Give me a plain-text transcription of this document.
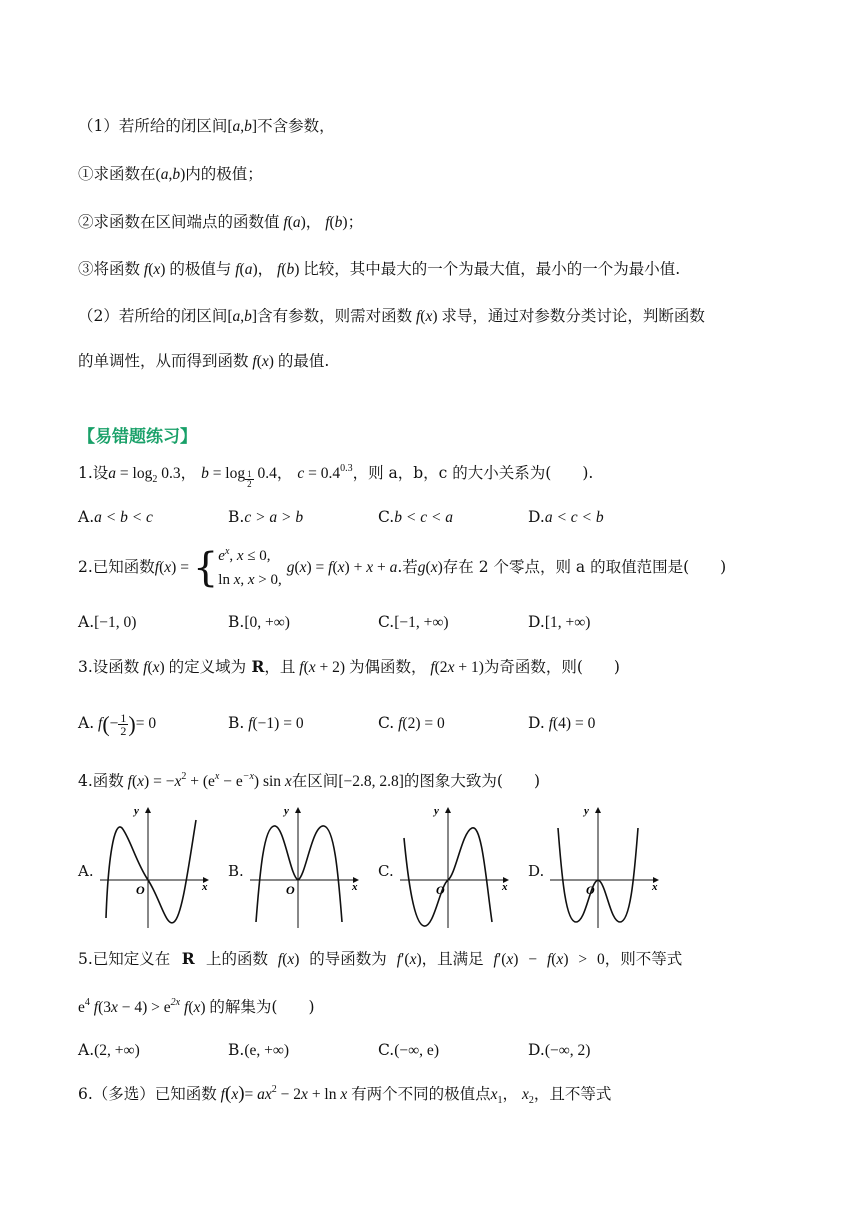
（1）若所给的闭区间[a,b]不含参数，
①求函数在(a,b)内的极值；
②求函数在区间端点的函数值 f(a)， f(b)；
③将函数 f(x) 的极值与 f(a)， f(b) 比较，其中最大的一个为最大值，最小的一个为最小值.
（2）若所给的闭区间[a,b]含有参数，则需对函数 f(x) 求导，通过对参数分类讨论，判断函数
的单调性，从而得到函数 f(x) 的最值.
【易错题练习】
1.设$a = \log_2 0.3$， b = log $_{\frac{1}{2}}$ 0.4， $c = 0.4^{0.3}$，则 a，b，c 的大小关系为(　　).
A.a < b < c	B.c > a > b	C.b < c < a	D.a < c < b
2.已知函数$f(x) = \{e^x$, x ≤ 0,
ln x, x > 0, g(x) = f(x) + x + a.若g(x)存在 2 个零点，则 a 的取值范围是(　　)
A.[−1, 0)	B.[0, +∞)	C.[−1, +∞)	D.[1, +∞)
3.设函数 f(x) 的定义域为 R，且 f(x + 2) 为偶函数， f(2x + 1)为奇函数，则(　　)
A. $f(- \frac{1}{2}$ )= 0	B. f(−1) = 0	C. f(2) = 0	D. f(4) = 0
4.函数 $f(x) = -x^2 + (e^x - e^{-x})$ sin x在区间[−2.8, 2.8]的图象大致为(　　)
A.
y
x
O
B.
y
x
O
C.
y
x
O
D.
y
x
O
5.已知定义在 R 上的函数 f(x) 的导函数为 f′(x)，且满足 f′(x) − f(x) > 0，则不等式
$e^4$ $f(3x - 4) > e^{2x}$ f(x) 的解集为(　　)
A.(2, +∞)	B.(e, +∞)	C.(−∞, e)	D.(−∞, 2)
6.（多选）已知函数 $f(x)= ax^2 - 2x + \ln x$ 有两个不同的极值点$x_1$， $x_2$，且不等式
